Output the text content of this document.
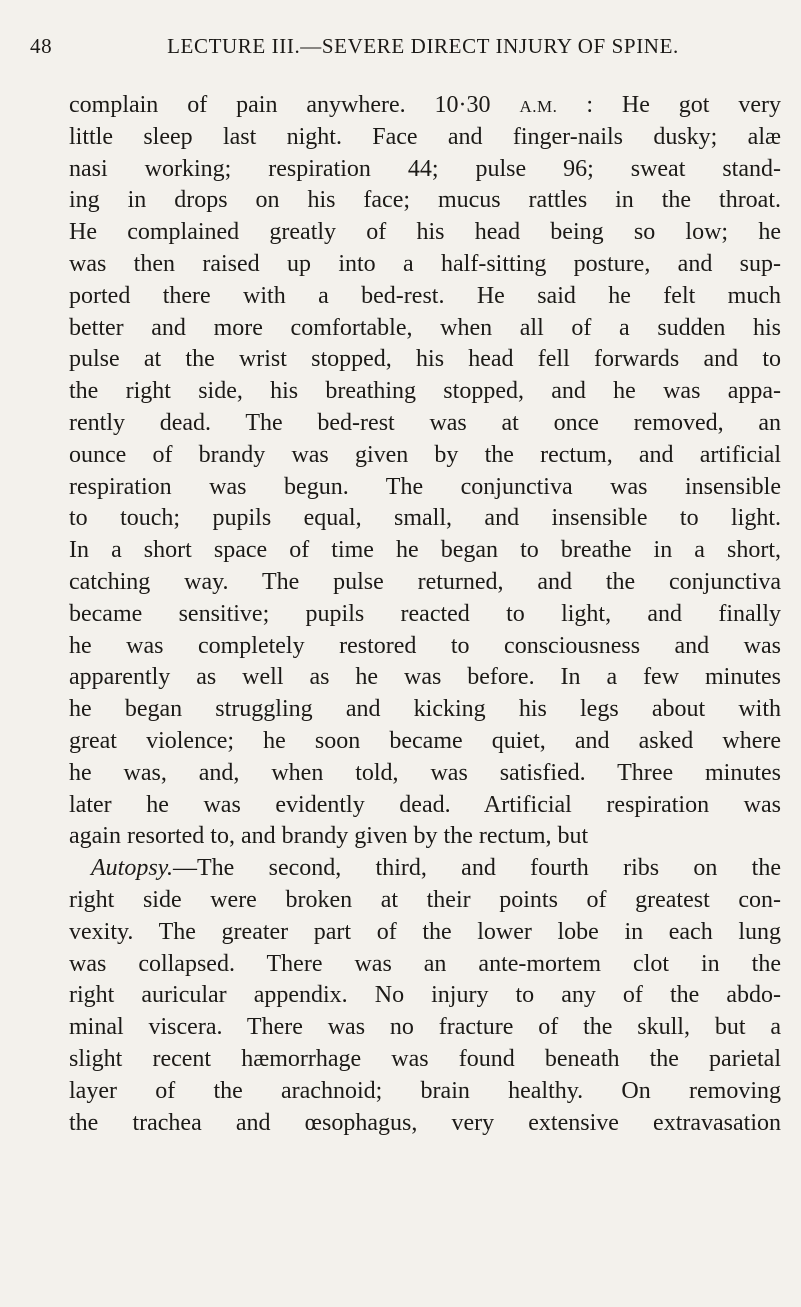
48	LECTURE III.—SEVERE DIRECT INJURY OF SPINE.
complain of pain anywhere. 10·30 A.M. : He got very
little sleep last night. Face and finger-nails dusky; alæ
nasi working; respiration 44; pulse 96; sweat stand-
ing in drops on his face; mucus rattles in the throat.
He complained greatly of his head being so low; he
was then raised up into a half-sitting posture, and sup-
ported there with a bed-rest. He said he felt much
better and more comfortable, when all of a sudden his
pulse at the wrist stopped, his head fell forwards and to
the right side, his breathing stopped, and he was appa-
rently dead. The bed-rest was at once removed, an
ounce of brandy was given by the rectum, and artificial
respiration was begun. The conjunctiva was insensible
to touch; pupils equal, small, and insensible to light.
In a short space of time he began to breathe in a short,
catching way. The pulse returned, and the conjunctiva
became sensitive; pupils reacted to light, and finally
he was completely restored to consciousness and was
apparently as well as he was before. In a few minutes
he began struggling and kicking his legs about with
great violence; he soon became quiet, and asked where
he was, and, when told, was satisfied. Three minutes
later he was evidently dead. Artificial respiration was
again resorted to, and brandy given by the rectum, but
Autopsy.—The second, third, and fourth ribs on the
right side were broken at their points of greatest con-
vexity. The greater part of the lower lobe in each lung
was collapsed. There was an ante-mortem clot in the
right auricular appendix. No injury to any of the abdo-
minal viscera. There was no fracture of the skull, but a
slight recent hæmorrhage was found beneath the parietal
layer of the arachnoid; brain healthy. On removing
the trachea and œsophagus, very extensive extravasation
